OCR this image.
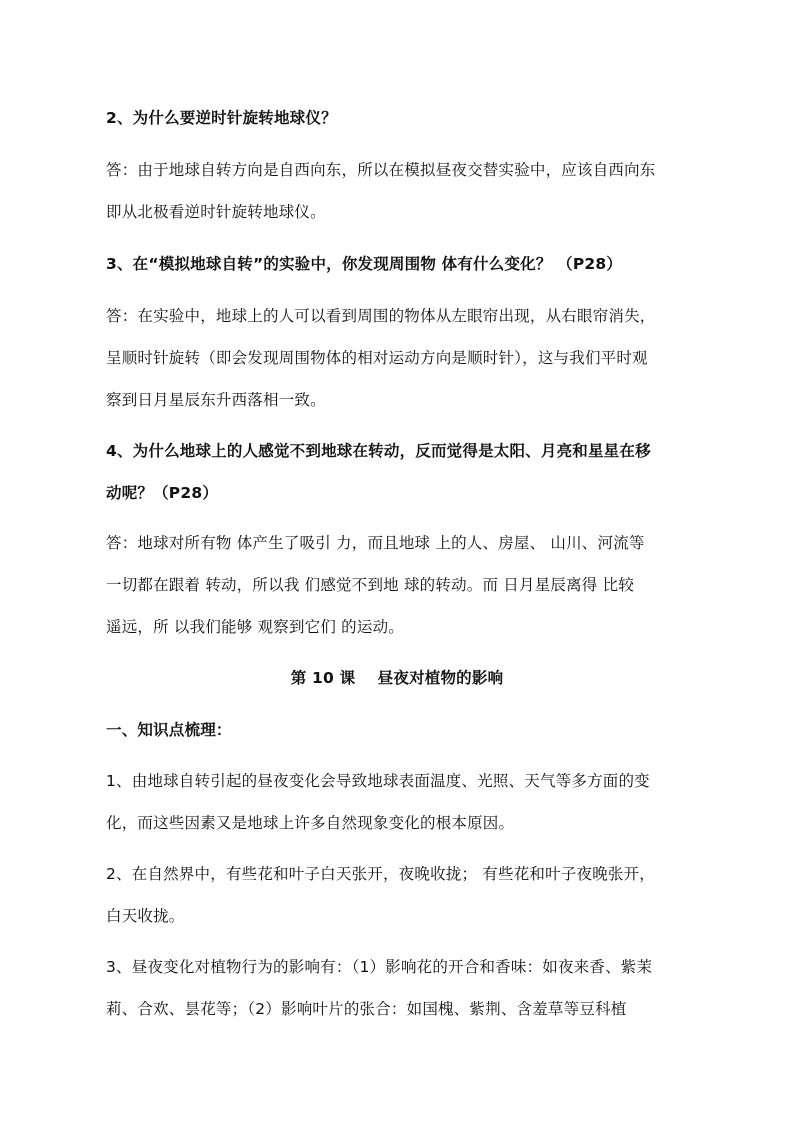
2、为什么要逆时针旋转地球仪？
答：由于地球自转方向是自西向东，所以在模拟昼夜交替实验中，应该自西向东
即从北极看逆时针旋转地球仪。
3、在“模拟地球自转”的实验中，你发现周围物 体有什么变化？ （P28）
答：在实验中，地球上的人可以看到周围的物体从左眼帘出现，从右眼帘消失，
呈顺时针旋转（即会发现周围物体的相对运动方向是顺时针），这与我们平时观
察到日月星辰东升西落相一致。
4、为什么地球上的人感觉不到地球在转动，反而觉得是太阳、月亮和星星在移
动呢？（P28）
答：地球对所有物 体产生了吸引 力，而且地球 上的人、房屋、 山川、河流等
一切都在跟着 转动，所以我 们感觉不到地 球的转动。而 日月星辰离得 比较
遥远，所 以我们能够 观察到它们 的运动。
第 10 课    昼夜对植物的影响
一、知识点梳理：
1、由地球自转引起的昼夜变化会导致地球表面温度、光照、天气等多方面的变
化，而这些因素又是地球上许多自然现象变化的根本原因。
2、在自然界中，有些花和叶子白天张开，夜晚收拢； 有些花和叶子夜晚张开，
白天收拢。
3、昼夜变化对植物行为的影响有：（1）影响花的开合和香味：如夜来香、紫茉
莉、合欢、昙花等；（2）影响叶片的张合：如国槐、紫荆、含羞草等豆科植
